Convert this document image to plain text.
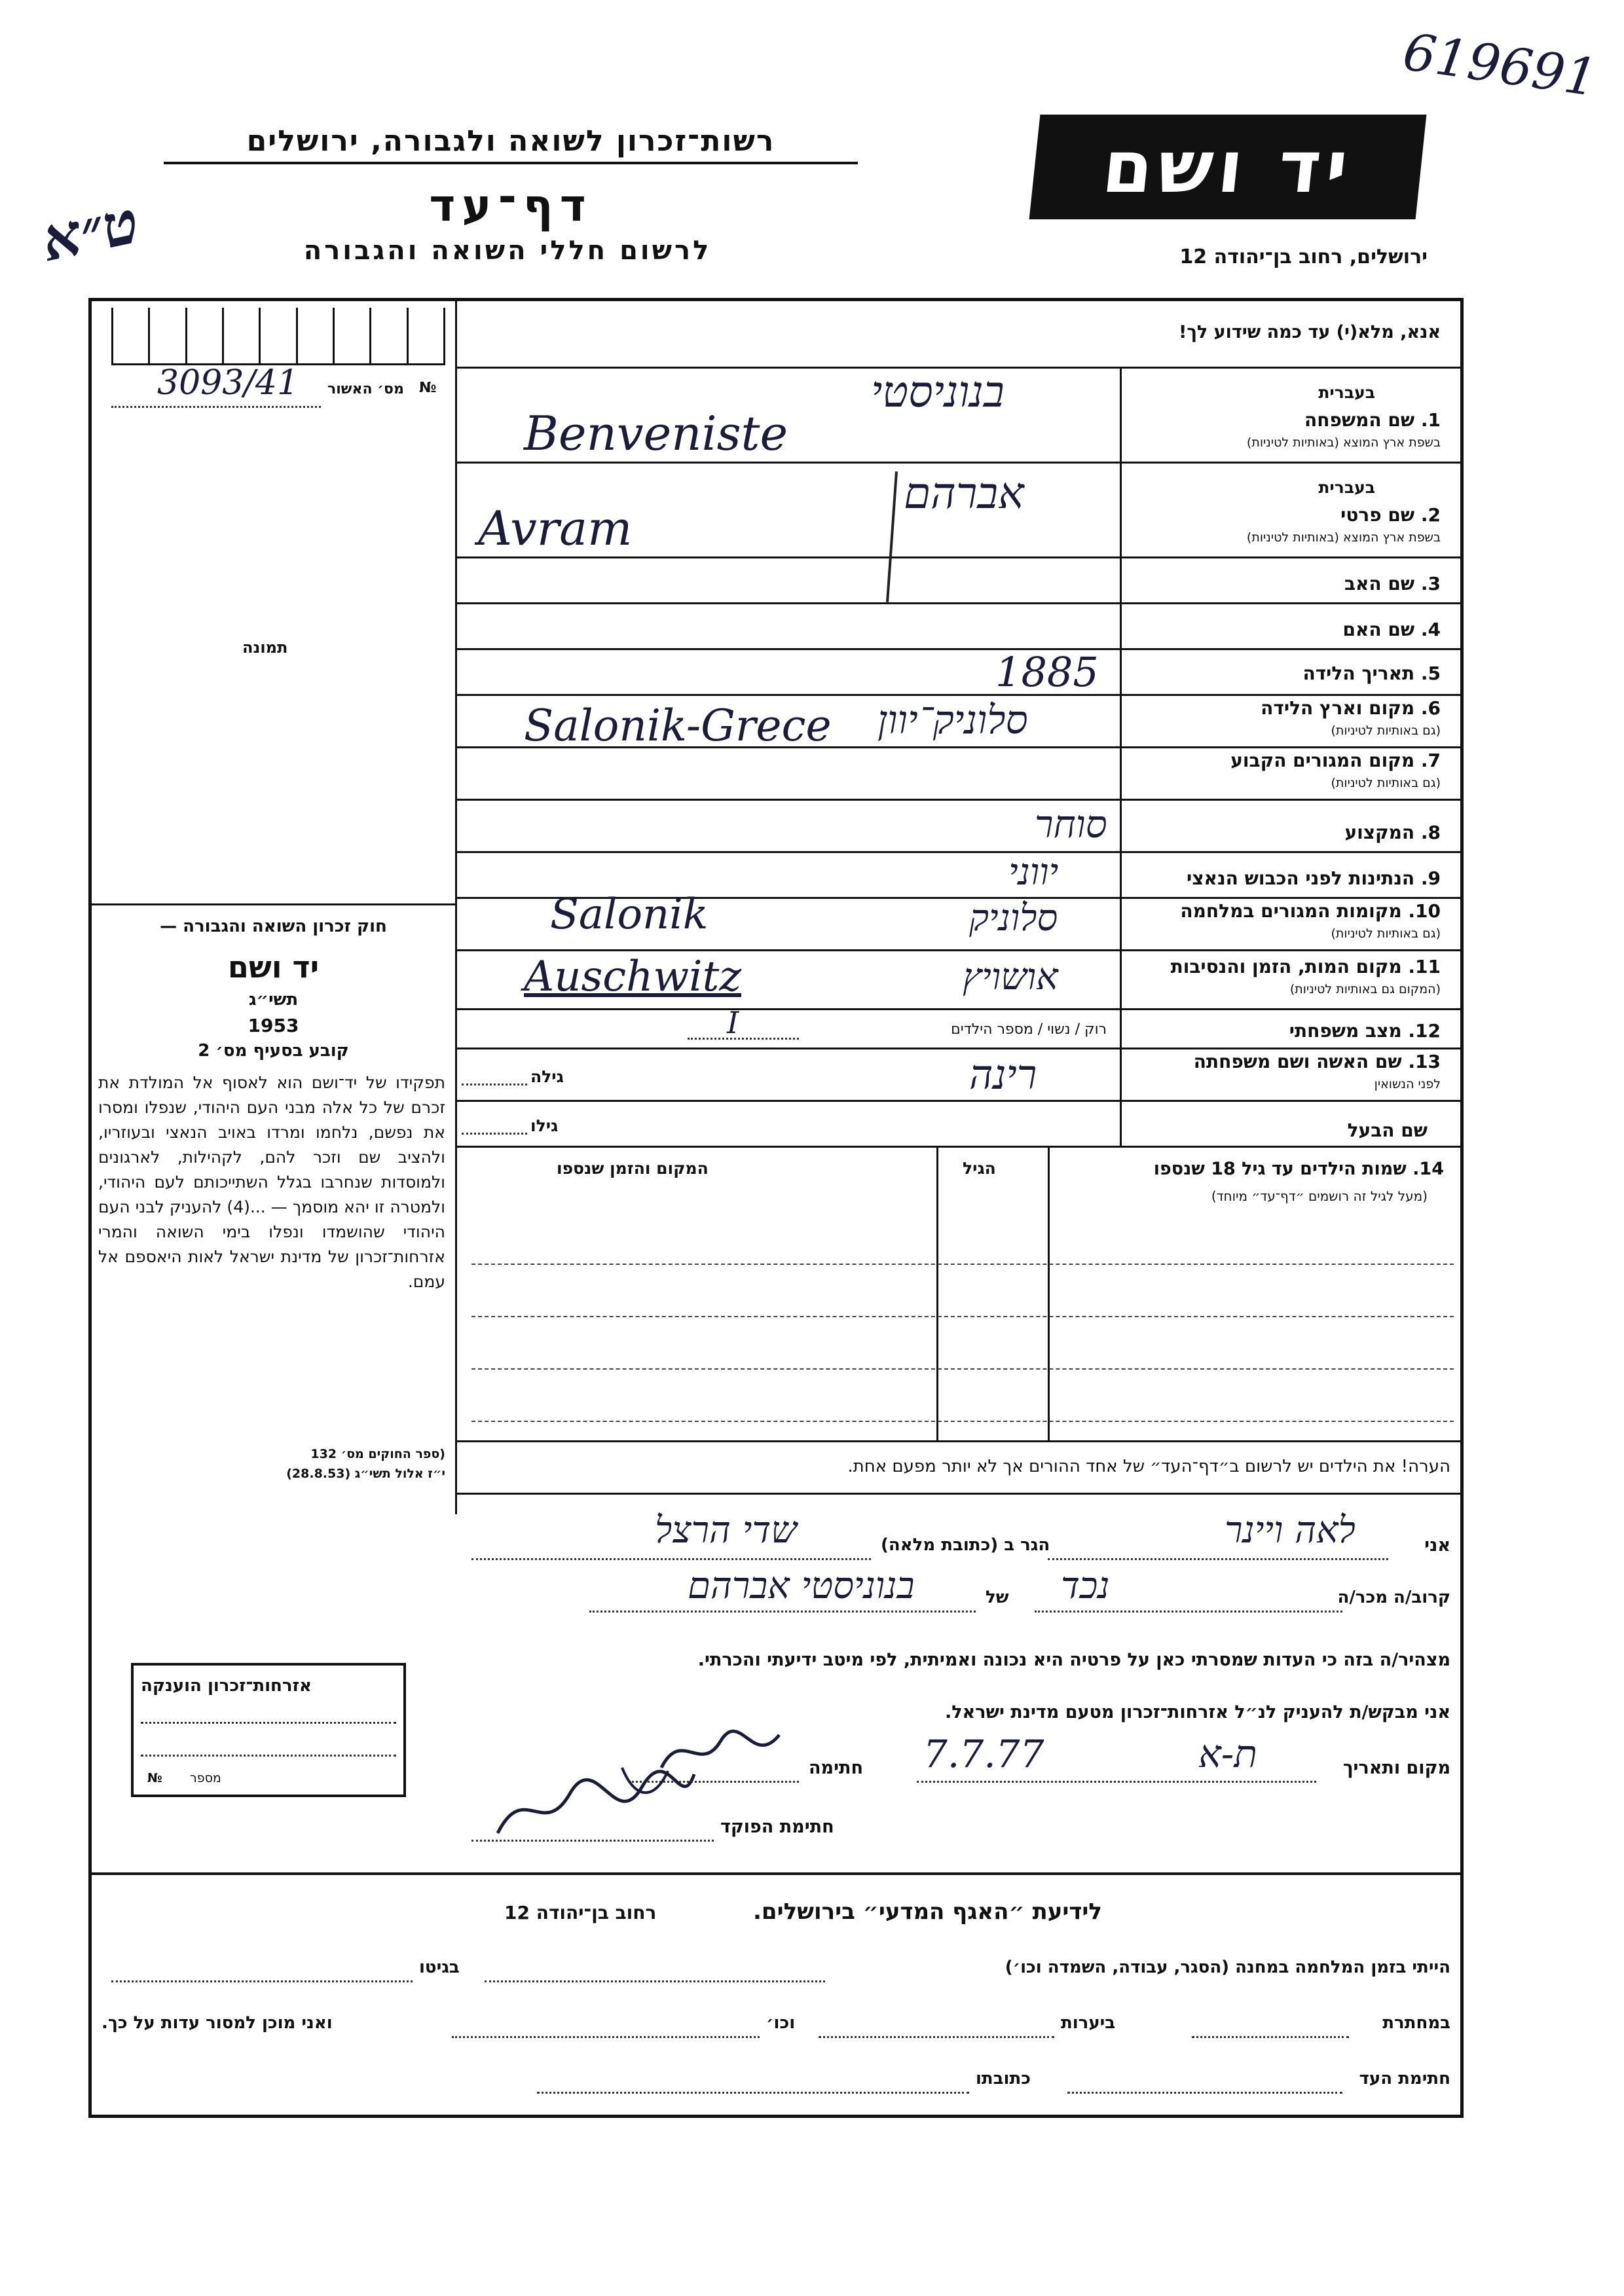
619691
ט״א
יד ושם
רשות־זכרון לשואה ולגבורה, ירושלים
דף־עד
לרשום חללי השואה והגבורה	ירושלים, רחוב בן־יהודה 12
מס׳ האשור №
3093/41
תמונה
אנא, מלא(י) עד כמה שידוע לך!
בעברית
1. שם המשפחה
בשפת ארץ המוצא (באותיות לטיניות)
בעברית
2. שם פרטי
בשפת ארץ המוצא (באותיות לטיניות)
3. שם האב
4. שם האם
5. תאריך הלידה
6. מקום וארץ הלידה
(גם באותיות לטיניות)
7. מקום המגורים הקבוע
(גם באותיות לטיניות)
8. המקצוע
9. הנתינות לפני הכבוש הנאצי
10. מקומות המגורים במלחמה
(גם באותיות לטיניות)
11. מקום המות, הזמן והנסיבות
(המקום גם באותיות לטיניות)
12. מצב משפחתי
13. שם האשה ושם משפחתה
לפני הנשואין
שם הבעל
רוק / נשוי / מספר הילדים
I
גילה
גילו
בנוניסטי
Benveniste
אברהם
Avram
1885
סלוניק־יוון
Salonik-Grece
סוחר
יווני
סלוניק
Salonik
אושויץ
Auschwitz
רינה
חוק זכרון השואה והגבורה —
יד ושם
תשי״ג
1953
קובע בסעיף מס׳ 2
תפקידו של יד־ושם הוא לאסוף אל המולדת את זכרם של כל אלה מבני העם היהודי, שנפלו ומסרו את נפשם, נלחמו ומרדו באויב הנאצי ובעוזריו, ולהציב שם וזכר להם, לקהילות, לארגונים ולמוסדות שנחרבו בגלל השתייכותם לעם היהודי, ולמטרה זו יהא מוסמך — ...(4) להעניק לבני העם היהודי שהושמדו ונפלו בימי השואה והמרי אזרחות־זכרון של מדינת ישראל לאות היאספם אל עמם.
(ספר החוקים מס׳ 132
י״ז אלול תשי״ג (28.8.53)
14. שמות הילדים עד גיל 18 שנספו
(מעל לגיל זה רושמים ״דף־עד״ מיוחד)
הגיל
המקום והזמן שנספו
הערה! את הילדים יש לרשום ב״דף־העד״ של אחד ההורים אך לא יותר מפעם אחת.
אני
לאה ויינר
הגר ב (כתובת מלאה)
שדי הרצל
קרוב/ה מכר/ה
נכד
של
בנוניסטי אברהם
מצהיר/ה בזה כי העדות שמסרתי כאן על פרטיה היא נכונה ואמיתית, לפי מיטב ידיעתי והכרתי.
אני מבקש/ת להעניק לנ״ל אזרחות־זכרון מטעם מדינת ישראל.
מקום ותאריך
ת-א
7.7.77
חתימה
חתימת הפוקד
אזרחות־זכרון הוענקה
מספר
№
לידיעת ״האגף המדעי״ בירושלים.
רחוב בן־יהודה 12
הייתי בזמן המלחמה במחנה (הסגר, עבודה, השמדה וכו׳)
בגיטו
במחתרת
ביערות
וכו׳
ואני מוכן למסור עדות על כך.
חתימת העד
כתובתו
